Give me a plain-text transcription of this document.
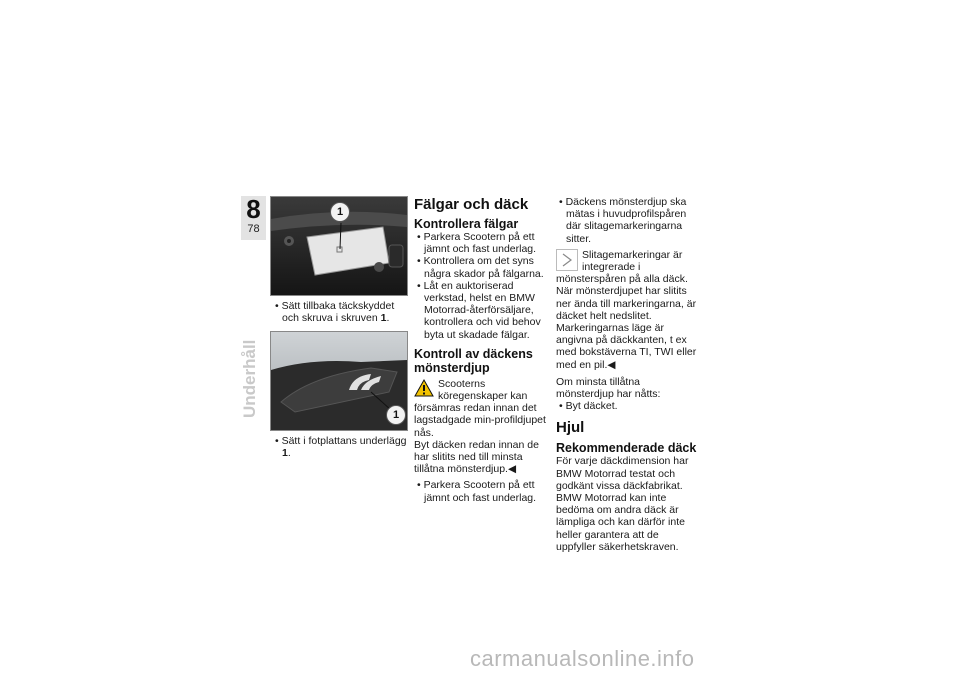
8
78
Underhåll
1
• Sätt tillbaka täckskyddet och skruva i skruven 1.
1
• Sätt i fotplattans underlägg 1.
Fälgar och däck
Kontrollera fälgar
• Parkera Scootern på ett jämnt och fast underlag.
• Kontrollera om det syns några skador på fälgarna.
• Låt en auktoriserad verkstad, helst en BMW Motorrad-återförsäljare, kontrollera och vid behov byta ut skadade fälgar.
Kontroll av däckens
mönsterdjup
Scooterns köregenskaper kan försämras redan innan det lagstadgade min-profildjupet nås.
Byt däcken redan innan de har slitits ned till minsta tillåtna mönsterdjup.◀
• Parkera Scootern på ett jämnt och fast underlag.
• Däckens mönsterdjup ska mätas i huvudprofilspåren där slitagemarkeringarna sitter.
Slitagemarkeringar är integrerade i mönsterspåren på alla däck. När mönsterdjupet har slitits ner ända till markeringarna, är däcket helt nedslitet. Markeringarnas läge är angivna på däckkanten, t ex med bokstäverna TI, TWI eller med en pil.◀
Om minsta tillåtna mönsterdjup har nåtts:
• Byt däcket.
Hjul
Rekommenderade däck
För varje däckdimension har BMW Motorrad testat och godkänt vissa däckfabrikat. BMW Motorrad kan inte bedöma om andra däck är lämpliga och kan därför inte heller garantera att de uppfyller säkerhetskraven.
carmanualsonline.info
